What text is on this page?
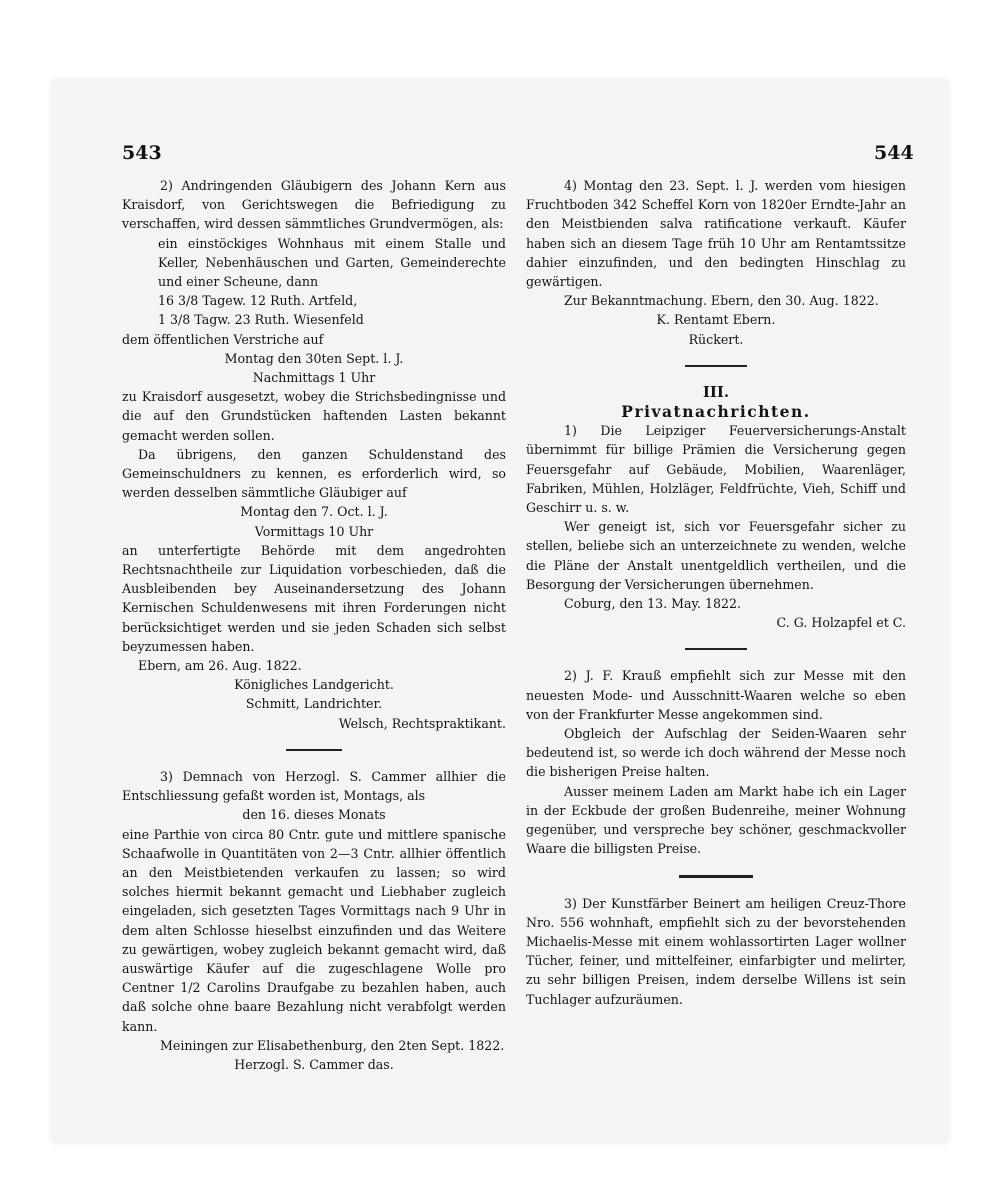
543	544

2) Andringenden Gläubigern des Johann Kern aus Kraisdorf, von Gerichtswegen die Befriedigung zu verschaffen, wird dessen sämmtliches Grundvermögen, als:

ein einstöckiges Wohnhaus mit einem Stalle und Keller, Nebenhäuschen und Garten, Gemeinderechte und einer Scheune, dann

16 3/8 Tagew. 12 Ruth. Artfeld,

1 3/8 Tagw. 23 Ruth. Wiesenfeld

dem öffentlichen Verstriche auf

Montag den 30ten Sept. l. J.

Nachmittags 1 Uhr

zu Kraisdorf ausgesetzt, wobey die Strichsbedingnisse und die auf den Grundstücken haftenden Lasten bekannt gemacht werden sollen.

Da übrigens, den ganzen Schuldenstand des Gemeinschuldners zu kennen, es erforderlich wird, so werden desselben sämmtliche Gläubiger auf

Montag den 7. Oct. l. J.

Vormittags 10 Uhr

an unterfertigte Behörde mit dem angedrohten Rechtsnachtheile zur Liquidation vorbeschieden, daß die Ausbleibenden bey Auseinandersetzung des Johann Kernischen Schuldenwesens mit ihren Forderungen nicht berücksichtiget werden und sie jeden Schaden sich selbst beyzumessen haben.

Ebern, am 26. Aug. 1822.

Königliches Landgericht.

Schmitt, Landrichter.

Welsch, Rechtspraktikant.

3) Demnach von Herzogl. S. Cammer allhier die Entschliessung gefaßt worden ist, Montags, als

den 16. dieses Monats

eine Parthie von circa 80 Cntr. gute und mittlere spanische Schaafwolle in Quantitäten von 2—3 Cntr. allhier öffentlich an den Meistbietenden verkaufen zu lassen; so wird solches hiermit bekannt gemacht und Liebhaber zugleich eingeladen, sich gesetzten Tages Vormittags nach 9 Uhr in dem alten Schlosse hieselbst einzufinden und das Weitere zu gewärtigen, wobey zugleich bekannt gemacht wird, daß auswärtige Käufer auf die zugeschlagene Wolle pro Centner 1/2 Carolins Draufgabe zu bezahlen haben, auch daß solche ohne baare Bezahlung nicht verabfolgt werden kann.

Meiningen zur Elisabethenburg, den 2ten Sept. 1822.

Herzogl. S. Cammer das.

4) Montag den 23. Sept. l. J. werden vom hiesigen Fruchtboden 342 Scheffel Korn von 1820er Erndte-Jahr an den Meistbienden salva ratificatione verkauft. Käufer haben sich an diesem Tage früh 10 Uhr am Rentamtssitze dahier einzufinden, und den bedingten Hinschlag zu gewärtigen.

Zur Bekanntmachung. Ebern, den 30. Aug. 1822.

K. Rentamt Ebern.

Rückert.

III.

Privatnachrichten.

1) Die Leipziger Feuerversicherungs-Anstalt übernimmt für billige Prämien die Versicherung gegen Feuersgefahr auf Gebäude, Mobilien, Waarenläger, Fabriken, Mühlen, Holzläger, Feldfrüchte, Vieh, Schiff und Geschirr u. s. w.

Wer geneigt ist, sich vor Feuersgefahr sicher zu stellen, beliebe sich an unterzeichnete zu wenden, welche die Pläne der Anstalt unentgeldlich vertheilen, und die Besorgung der Versicherungen übernehmen.

Coburg, den 13. May. 1822.

C. G. Holzapfel et C.

2) J. F. Krauß empfiehlt sich zur Messe mit den neuesten Mode- und Ausschnitt-Waaren welche so eben von der Frankfurter Messe angekommen sind.

Obgleich der Aufschlag der Seiden-Waaren sehr bedeutend ist, so werde ich doch während der Messe noch die bisherigen Preise halten.

Ausser meinem Laden am Markt habe ich ein Lager in der Eckbude der großen Budenreihe, meiner Wohnung gegenüber, und verspreche bey schöner, geschmackvoller Waare die billigsten Preise.

3) Der Kunstfärber Beinert am heiligen Creuz-Thore Nro. 556 wohnhaft, empfiehlt sich zu der bevorstehenden Michaelis-Messe mit einem wohlassortirten Lager wollner Tücher, feiner, und mittelfeiner, einfarbigter und melirter, zu sehr billigen Preisen, indem derselbe Willens ist sein Tuchlager aufzuräumen.
